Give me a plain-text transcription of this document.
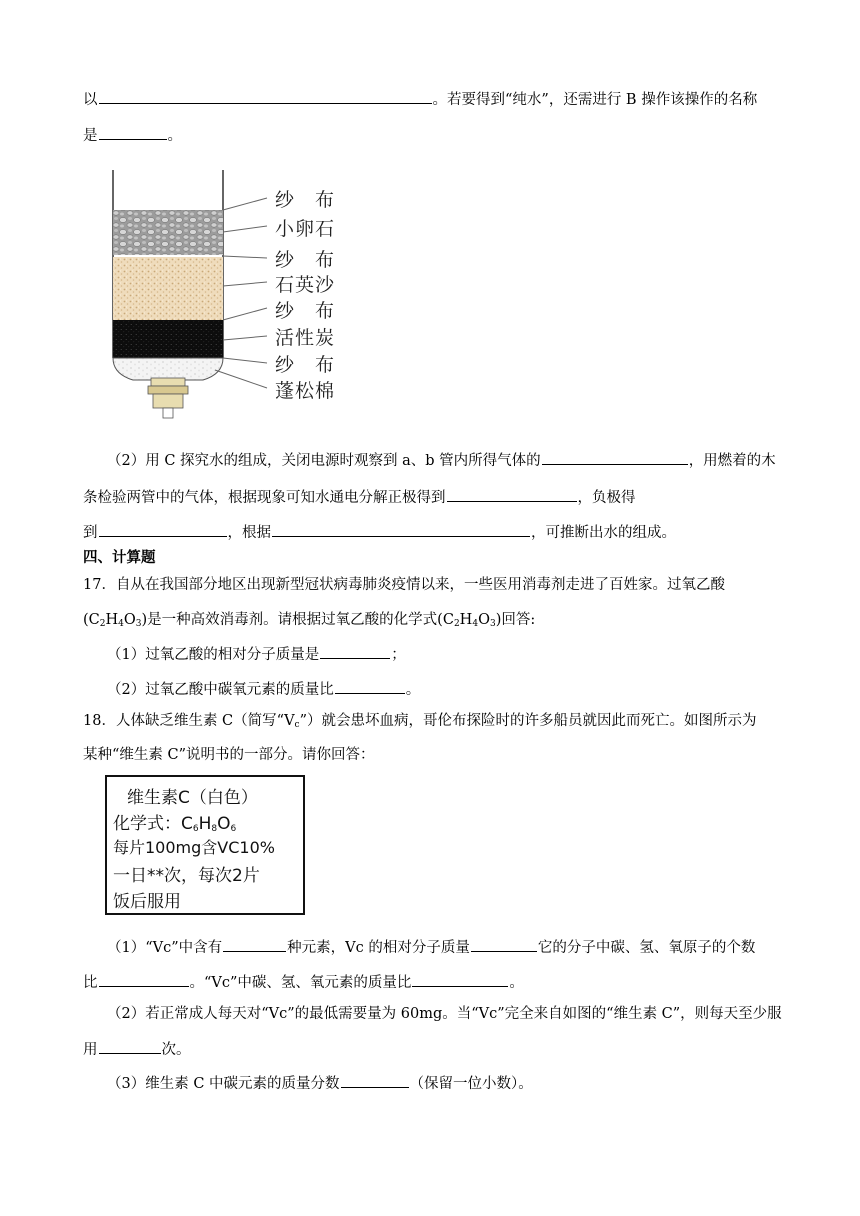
以	。若要得到“纯水”，还需进行 B 操作该操作的名称
是	。
纱　布
小卵石
纱　布
石英沙
纱　布
活性炭
纱　布
蓬松棉
（2）用 C 探究水的组成，关闭电源时观察到 a、b 管内所得气体的	，用燃着的木
条检验两管中的气体，根据现象可知水通电分解正极得到	，负极得
到	，根据	，可推断出水的组成。
四、计算题
17．自从在我国部分地区出现新型冠状病毒肺炎疫情以来，一些医用消毒剂走进了百姓家。过氧乙酸
$(C_2H_4O_3)$是一种高效消毒剂。请根据过氧乙酸的化学式$(C_2H_4O_3)$回答:
（1）过氧乙酸的相对分子质量是	；
（2）过氧乙酸中碳氧元素的质量比	。
18．人体缺乏维生素 C（简写“$V_c$”）就会患坏血病，哥伦布探险时的许多船员就因此而死亡。如图所示为
某种“维生素 C”说明书的一部分。请你回答：
维生素C（白色）
化学式：$C_6H_8O_6$
每片100mg含VC10%
一日**次，每次2片
饭后服用
（1）“Vc”中含有	种元素，Vc 的相对分子质量	它的分子中碳、氢、氧原子的个数
比	。“Vc”中碳、氢、氧元素的质量比	。
（2）若正常成人每天对“Vc”的最低需要量为 60mg。当“Vc”完全来自如图的“维生素 C”，则每天至少服
用	次。
（3）维生素 C 中碳元素的质量分数	（保留一位小数）。
